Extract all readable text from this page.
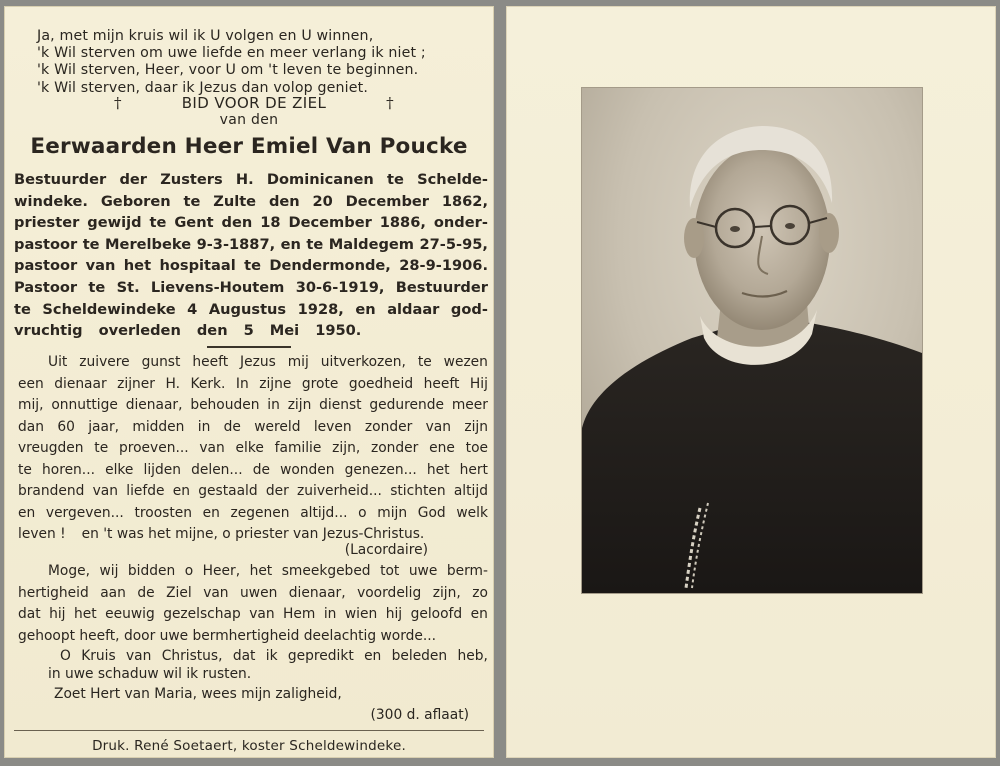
Ja, met mijn kruis wil ik U volgen en U winnen,
'k Wil sterven om uwe liefde en meer verlang ik niet ;
'k Wil sterven, Heer, voor U om 't leven te beginnen.
'k Wil sterven, daar ik Jezus dan volop geniet.
†	BID VOOR DE ZIEL	†
van den
Eerwaarden Heer Emiel Van Poucke
Bestuurder der Zusters H. Dominicanen te Schelde-
windeke. Geboren te Zulte den 20 December 1862,
priester gewijd te Gent den 18 December 1886, onder-
pastoor te Merelbeke 9-3-1887, en te Maldegem 27-5-95,
pastoor van het hospitaal te Dendermonde, 28-9-1906.
Pastoor te St. Lievens-Houtem 30-6-1919, Bestuurder
te Scheldewindeke 4 Augustus 1928, en aldaar god-
vruchtig overleden den 5 Mei 1950.
Uit zuivere gunst heeft Jezus mij uitverkozen, te wezen
een dienaar zijner H. Kerk. In zijne grote goedheid heeft Hij
mij, onnuttige dienaar, behouden in zijn dienst gedurende meer
dan 60 jaar, midden in de wereld leven zonder van zijn
vreugden te proeven... van elke familie zijn, zonder ene toe
te horen... elke lijden delen... de wonden genezen... het hert
brandend van liefde en gestaald der zuiverheid... stichten altijd
en vergeven... troosten en zegenen altijd... o mijn God welk
leven ! en 't was het mijne, o priester van Jezus-Christus.
(Lacordaire)
Moge, wij bidden o Heer, het smeekgebed tot uwe berm-
hertigheid aan de Ziel van uwen dienaar, voordelig zijn, zo
dat hij het eeuwig gezelschap van Hem in wien hij geloofd en
gehoopt heeft, door uwe bermhertigheid deelachtig worde...
O Kruis van Christus, dat ik gepredikt en beleden heb,
in uwe schaduw wil ik rusten.
Zoet Hert van Maria, wees mijn zaligheid,
(300 d. aflaat)
Druk. René Soetaert, koster Scheldewindeke.
